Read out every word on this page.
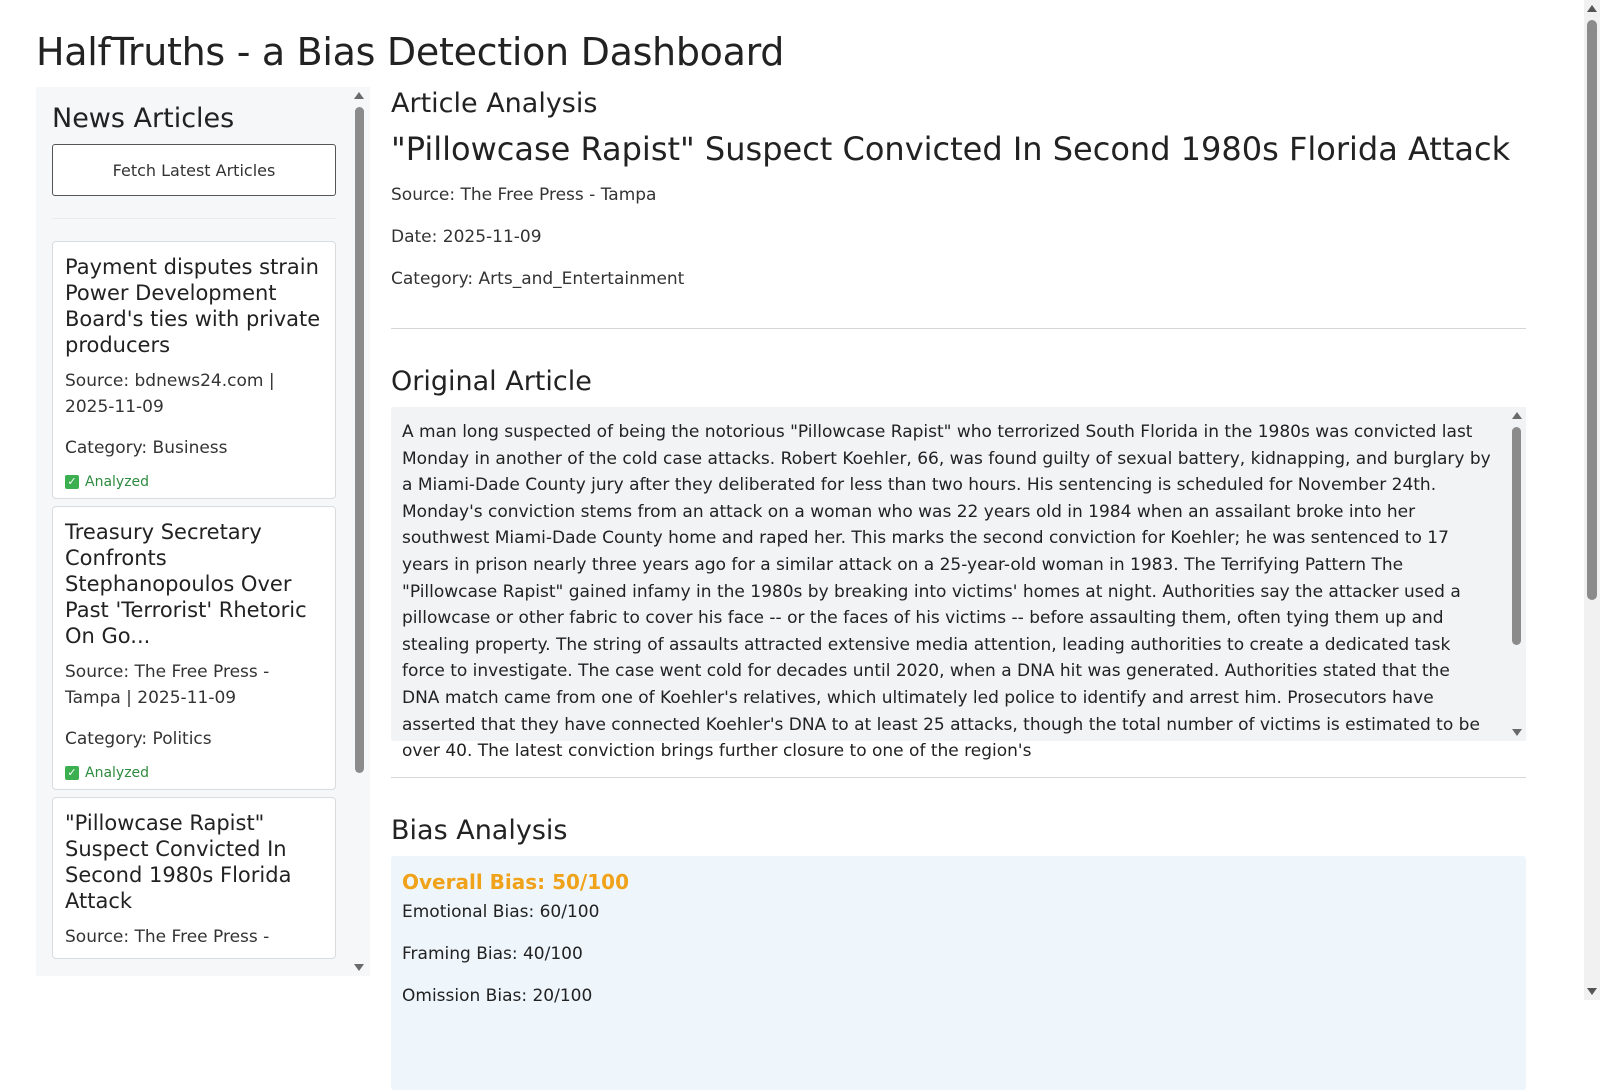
HalfTruths - a Bias Detection Dashboard
News Articles
Fetch Latest Articles
Payment disputes strain Power Development Board's ties with private producers
Source: bdnews24.com | 2025-11-09
Category: Business
✓ Analyzed
Treasury Secretary Confronts Stephanopoulos Over Past 'Terrorist' Rhetoric On Go...
Source: The Free Press - Tampa | 2025-11-09
Category: Politics
✓ Analyzed
"Pillowcase Rapist" Suspect Convicted In Second 1980s Florida Attack
Source: The Free Press -
Article Analysis
"Pillowcase Rapist" Suspect Convicted In Second 1980s Florida Attack
Source: The Free Press - Tampa
Date: 2025-11-09
Category: Arts_and_Entertainment
Original Article
A man long suspected of being the notorious "Pillowcase Rapist" who terrorized South Florida in the 1980s was convicted last Monday in another of the cold case attacks. Robert Koehler, 66, was found guilty of sexual battery, kidnapping, and burglary by a Miami-Dade County jury after they deliberated for less than two hours. His sentencing is scheduled for November 24th. Monday's conviction stems from an attack on a woman who was 22 years old in 1984 when an assailant broke into her southwest Miami-Dade County home and raped her. This marks the second conviction for Koehler; he was sentenced to 17 years in prison nearly three years ago for a similar attack on a 25-year-old woman in 1983. The Terrifying Pattern The "Pillowcase Rapist" gained infamy in the 1980s by breaking into victims' homes at night. Authorities say the attacker used a pillowcase or other fabric to cover his face -- or the faces of his victims -- before assaulting them, often tying them up and stealing property. The string of assaults attracted extensive media attention, leading authorities to create a dedicated task force to investigate. The case went cold for decades until 2020, when a DNA hit was generated. Authorities stated that the DNA match came from one of Koehler's relatives, which ultimately led police to identify and arrest him. Prosecutors have asserted that they have connected Koehler's DNA to at least 25 attacks, though the total number of victims is estimated to be over 40. The latest conviction brings further closure to one of the region's
Bias Analysis
Overall Bias: 50/100
Emotional Bias: 60/100
Framing Bias: 40/100
Omission Bias: 20/100
